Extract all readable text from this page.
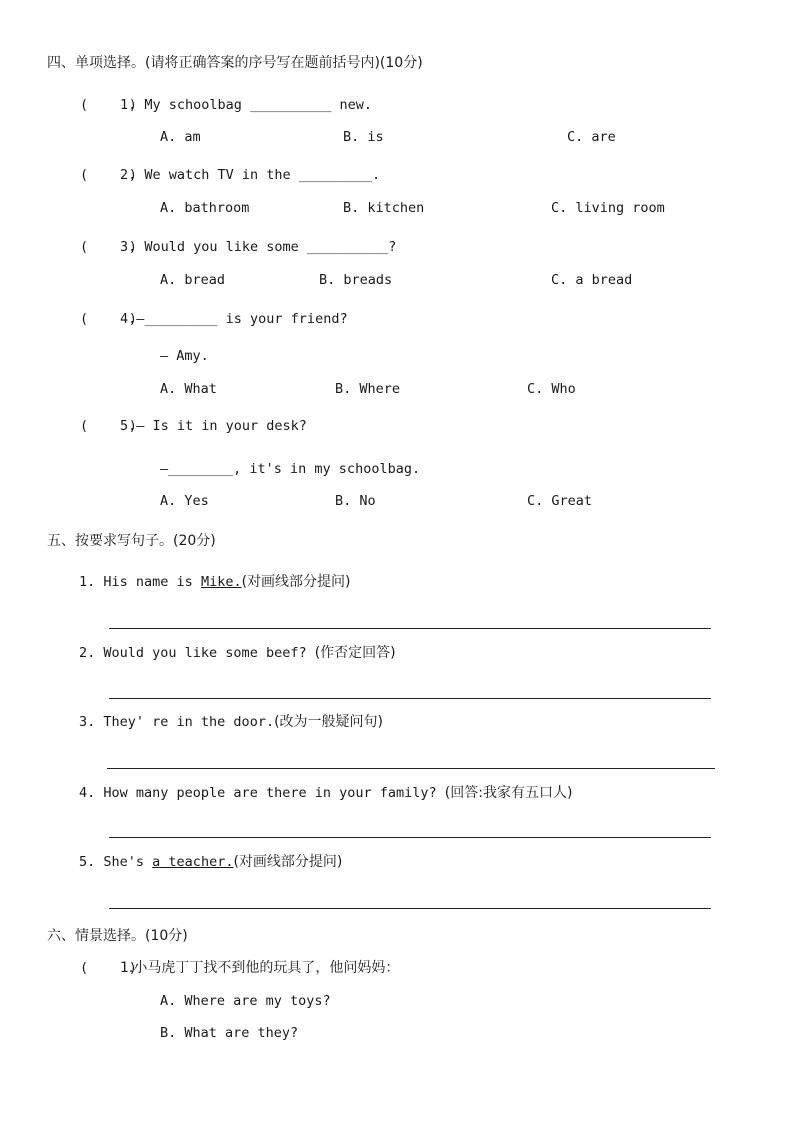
四、单项选择。(请将正确答案的序号写在题前括号内)(10分)
(     )
1. My schoolbag __________ new.
A. am	B. is	C. are
(     )
2. We watch TV in the _________.
A. bathroom	B. kitchen	C. living room
(     )
3. Would you like some __________?
A. bread	B. breads	C. a bread
(     )
4.—_________ is your friend?
— Amy.
A. What	B. Where	C. Who
(     )
5.— Is it in your desk?
—________, it's in my schoolbag.
A. Yes	B. No	C. Great
五、按要求写句子。(20分)
1. His name is Mike.(对画线部分提问)
2. Would you like some beef? (作否定回答)
3. They' re in the door.(改为一般疑问句)
4. How many people are there in your family? (回答:我家有五口人)
5. She's a teacher.(对画线部分提问)
六、情景选择。(10分)
(     )
1.小马虎丁丁找不到他的玩具了，他问妈妈：
A. Where are my toys?
B. What are they?
